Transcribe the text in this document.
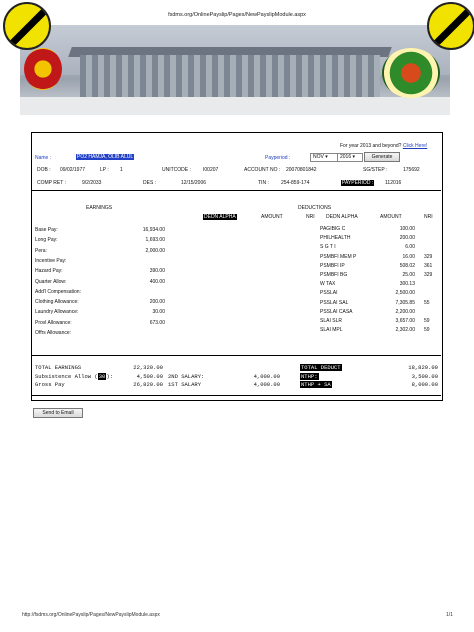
fsdms.org/OnlinePayslip/Pages/NewPayslipModule.aspx
For year 2013 and beyond? Click Here!
Name :	PO2 HAMJA, OLIB ALUL	Payperiod :	NOV ▾	2016 ▾	Generate
DOB : 09/02/1977	LP : 1	UNITCODE : I00207	ACCOUNT NO : 20070801842	SG/STEP :	175692
COMP RET :	9/2/2033	DES :	12/15/2006	TIN : 254-859-174	PAYPERIOD : 112016
EARNINGS
Base Pay:	16,934.00
Long Pay:	1,693.00
Pera:	2,000.00
Incentive Pay:
Hazard Pay:	390.00
Quarter Allow:	400.00
Add'l Compensation:
Clothing Allowance:	200.00
Laundry Allowance:	30.00
Provl Allowance:	673.00
Offrs Allowance:
DEDUCTIONS
DEDN ALPHA	AMOUNT	NRI DEDN ALPHA	AMOUNT	NRI
PAGIBIG C	100.00
PHILHEALTH	200.00
S G T I	6.00
PSMBFI MEM P	16.00 329
PSMBFI IP	508.02 361
PSMBFI BG	25.00 329
W TAX	300.13
PSSLAI	2,500.00
PSSLAI SAL	7,305.85 55
PSSLAI CASA	2,200.00
SLAI SLR	3,657.00 59
SLAI MPL	2,302.00 59
TOTAL EARNINGS	22,320.00
Subsistence Allow (30):	4,500.00
Gross Pay	26,820.00
2ND SALARY:	4,000.00
1ST SALARY	4,000.00
TOTAL DEDUCT	18,820.00
NTHP:	3,500.00
NTHP + SA	8,000.00
Send to Email
http://fsdms.org/OnlinePayslip/Pages/NewPayslipModule.aspx	1/1
